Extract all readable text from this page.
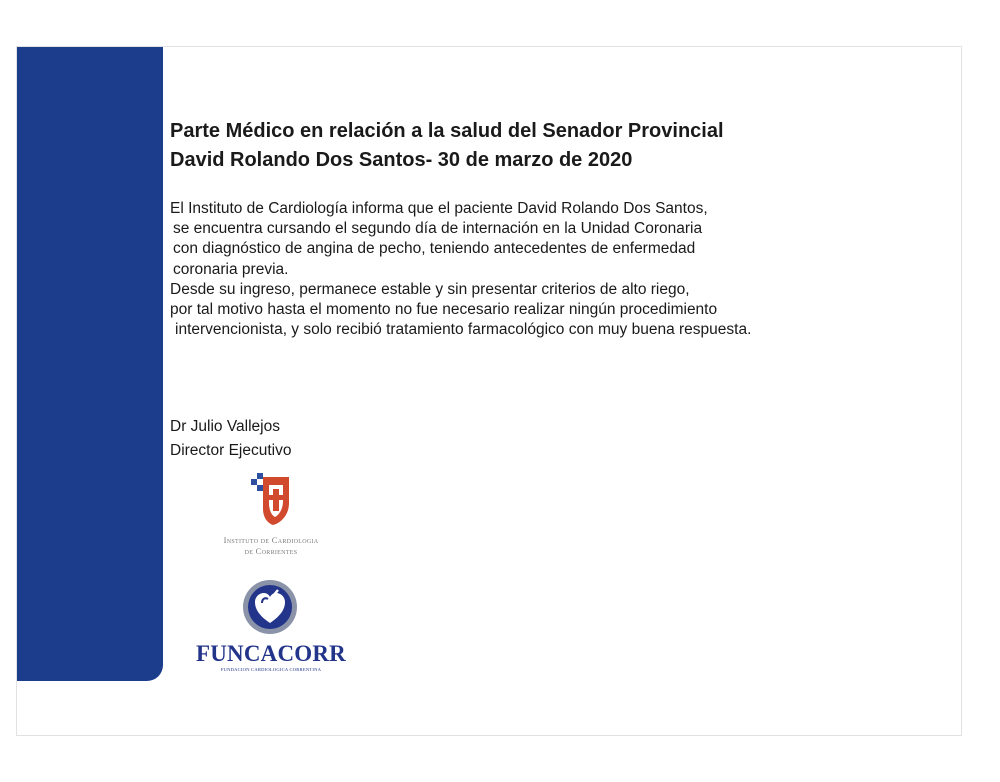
Parte Médico en relación a la salud del Senador Provincial
David Rolando Dos Santos- 30 de marzo de 2020
El Instituto de Cardiología informa que el paciente David Rolando Dos Santos,
se encuentra cursando el segundo día de internación en la Unidad Coronaria
con diagnóstico de angina de pecho, teniendo antecedentes de enfermedad
coronaria previa.
Desde su ingreso, permanece estable y sin presentar criterios de alto riego,
por tal motivo hasta el momento no fue necesario realizar ningún procedimiento
intervencionista, y solo recibió tratamiento farmacológico con muy buena respuesta.
Dr Julio Vallejos
Director Ejecutivo
Instituto de Cardiologia
de Corrientes
FUNCACORR
FUNDACION CARDIOLOGICA CORRENTINA
